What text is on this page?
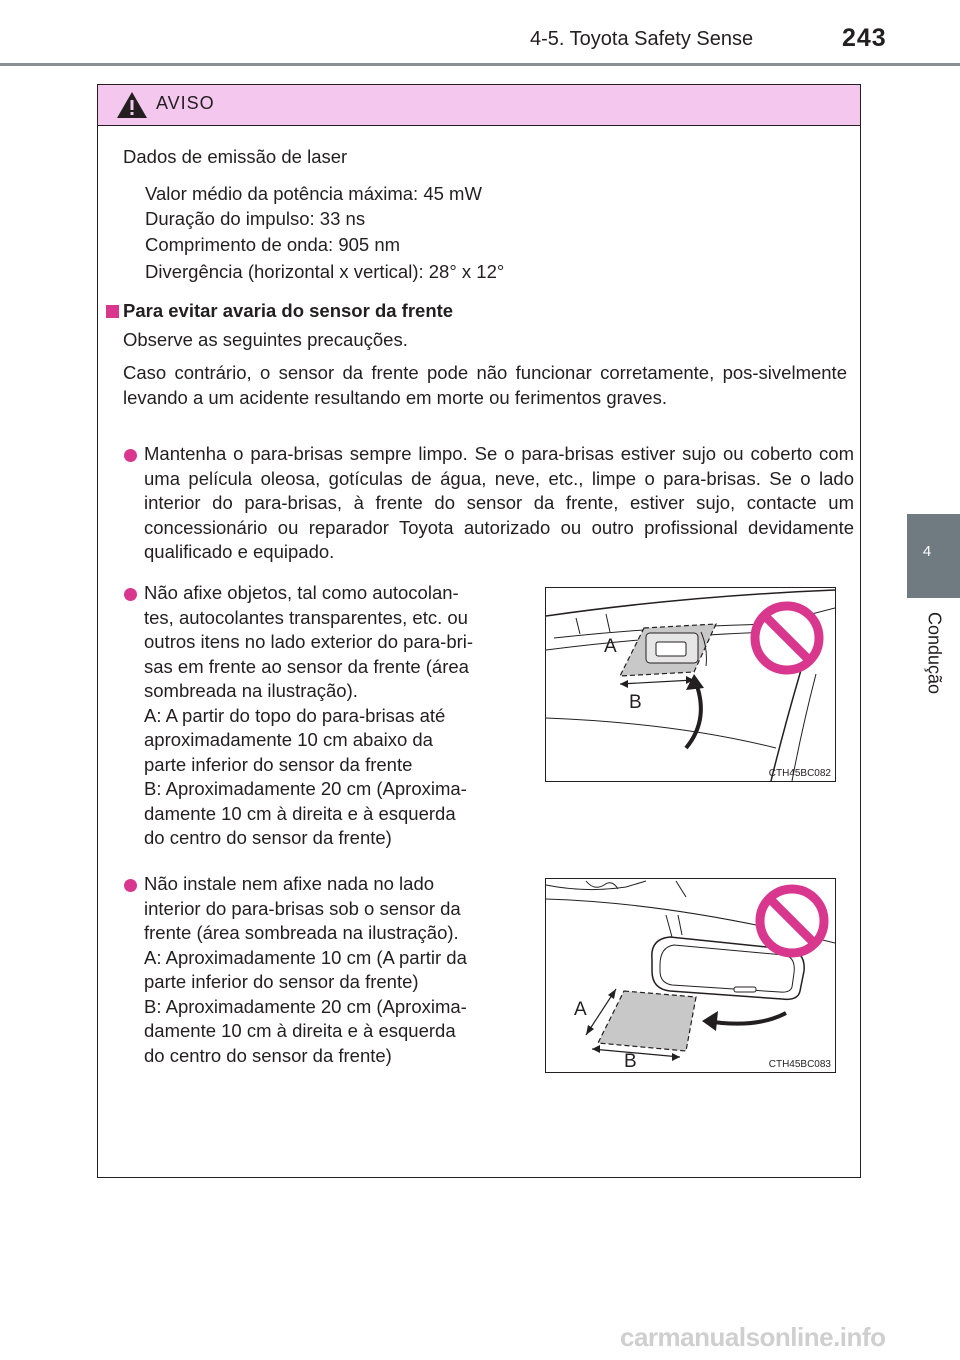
4-5. Toyota Safety Sense	243
4
Condução
AVISO
Dados de emissão de laser
Valor médio da potência máxima: 45 mW
Duração do impulso: 33 ns
Comprimento de onda: 905 nm
Divergência (horizontal x vertical): 28° x 12°
Para evitar avaria do sensor da frente
Observe as seguintes precauções.
Caso contrário, o sensor da frente pode não funcionar corretamente, pos-sivelmente levando a um acidente resultando em morte ou ferimentos graves.
Mantenha o para-brisas sempre limpo. Se o para-brisas estiver sujo ou coberto com uma película oleosa, gotículas de água, neve, etc., limpe o para-brisas. Se o lado interior do para-brisas, à frente do sensor da frente, estiver sujo, contacte um concessionário ou reparador Toyota autorizado ou outro profissional devidamente qualificado e equipado.
Não afixe objetos, tal como autocolan-
tes, autocolantes transparentes, etc. ou
outros itens no lado exterior do para-bri-
sas em frente ao sensor da frente (área
sombreada na ilustração).
A: A partir do topo do para-brisas até
aproximadamente 10 cm abaixo da
parte inferior do sensor da frente
B: Aproximadamente 20 cm (Aproxima-
damente 10 cm à direita e à esquerda
do centro do sensor da frente)
Não instale nem afixe nada no lado
interior do para-brisas sob o sensor da
frente (área sombreada na ilustração).
A: Aproximadamente 10 cm (A partir da
parte inferior do sensor da frente)
B: Aproximadamente 20 cm (Aproxima-
damente 10 cm à direita e à esquerda
do centro do sensor da frente)
A
B
CTH45BC082
A
B	CTH45BC083
carmanualsonline.info
